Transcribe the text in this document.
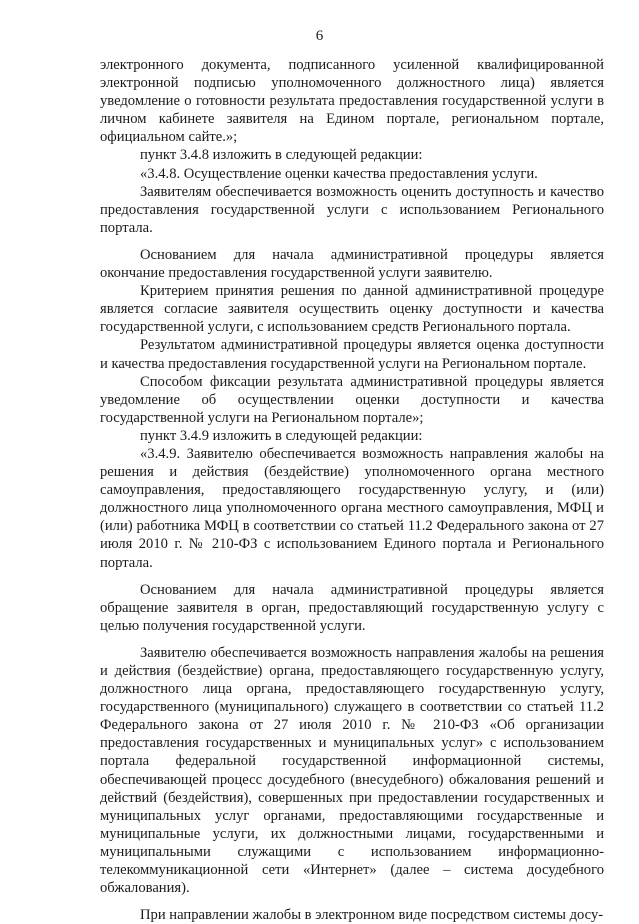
6

электронного документа, подписанного усиленной квалифицированной электронной подписью уполномоченного должностного лица) является уведомление о готовности результата предоставления государственной услуги в личном кабинете заявителя на Едином портале, региональном портале, официальном сайте.»;

пункт 3.4.8 изложить в следующей редакции:

«3.4.8. Осуществление оценки качества предоставления услуги.

Заявителям обеспечивается возможность оценить доступность и качество предоставления государственной услуги с использованием Регионального портала.

Основанием для начала административной процедуры является окончание предоставления государственной услуги заявителю.

Критерием принятия решения по данной административной процедуре является согласие заявителя осуществить оценку доступности и качества государственной услуги, с использованием средств Регионального портала.

Результатом административной процедуры является оценка доступности и качества предоставления государственной услуги на Региональном портале.

Способом фиксации результата административной процедуры является уведомление об осуществлении оценки доступности и качества государственной услуги на Региональном портале»;

пункт 3.4.9 изложить в следующей редакции:

«3.4.9. Заявителю обеспечивается возможность направления жалобы на решения и действия (бездействие) уполномоченного органа местного самоуправления, предоставляющего государственную услугу, и (или) должностного лица уполномоченного органа местного самоуправления, МФЦ и (или) работника МФЦ в соответствии со статьей 11.2 Федерального закона от 27 июля 2010 г. № 210-ФЗ с использованием Единого портала и Регионального портала.

Основанием для начала административной процедуры является обращение заявителя в орган, предоставляющий государственную услугу с целью получения государственной услуги.

Заявителю обеспечивается возможность направления жалобы на решения и действия (бездействие) органа, предоставляющего государственную услугу, должностного лица органа, предоставляющего государственную услугу, государственного (муниципального) служащего в соответствии со статьей 11.2 Федерального закона от 27 июля 2010 г. № 210-ФЗ «Об организации предоставления государственных и муниципальных услуг» с использованием портала федеральной государственной информационной системы, обеспечивающей процесс досудебного (внесудебного) обжалования решений и действий (бездействия), совершенных при предоставлении государственных и муниципальных услуг органами, предоставляющими государственные и муниципальные услуги, их должностными лицами, государственными и муниципальными служащими с использованием информационно-телекоммуникационной сети «Интернет» (далее – система досудебного обжалования).

При направлении жалобы в электронном виде посредством системы досу-
